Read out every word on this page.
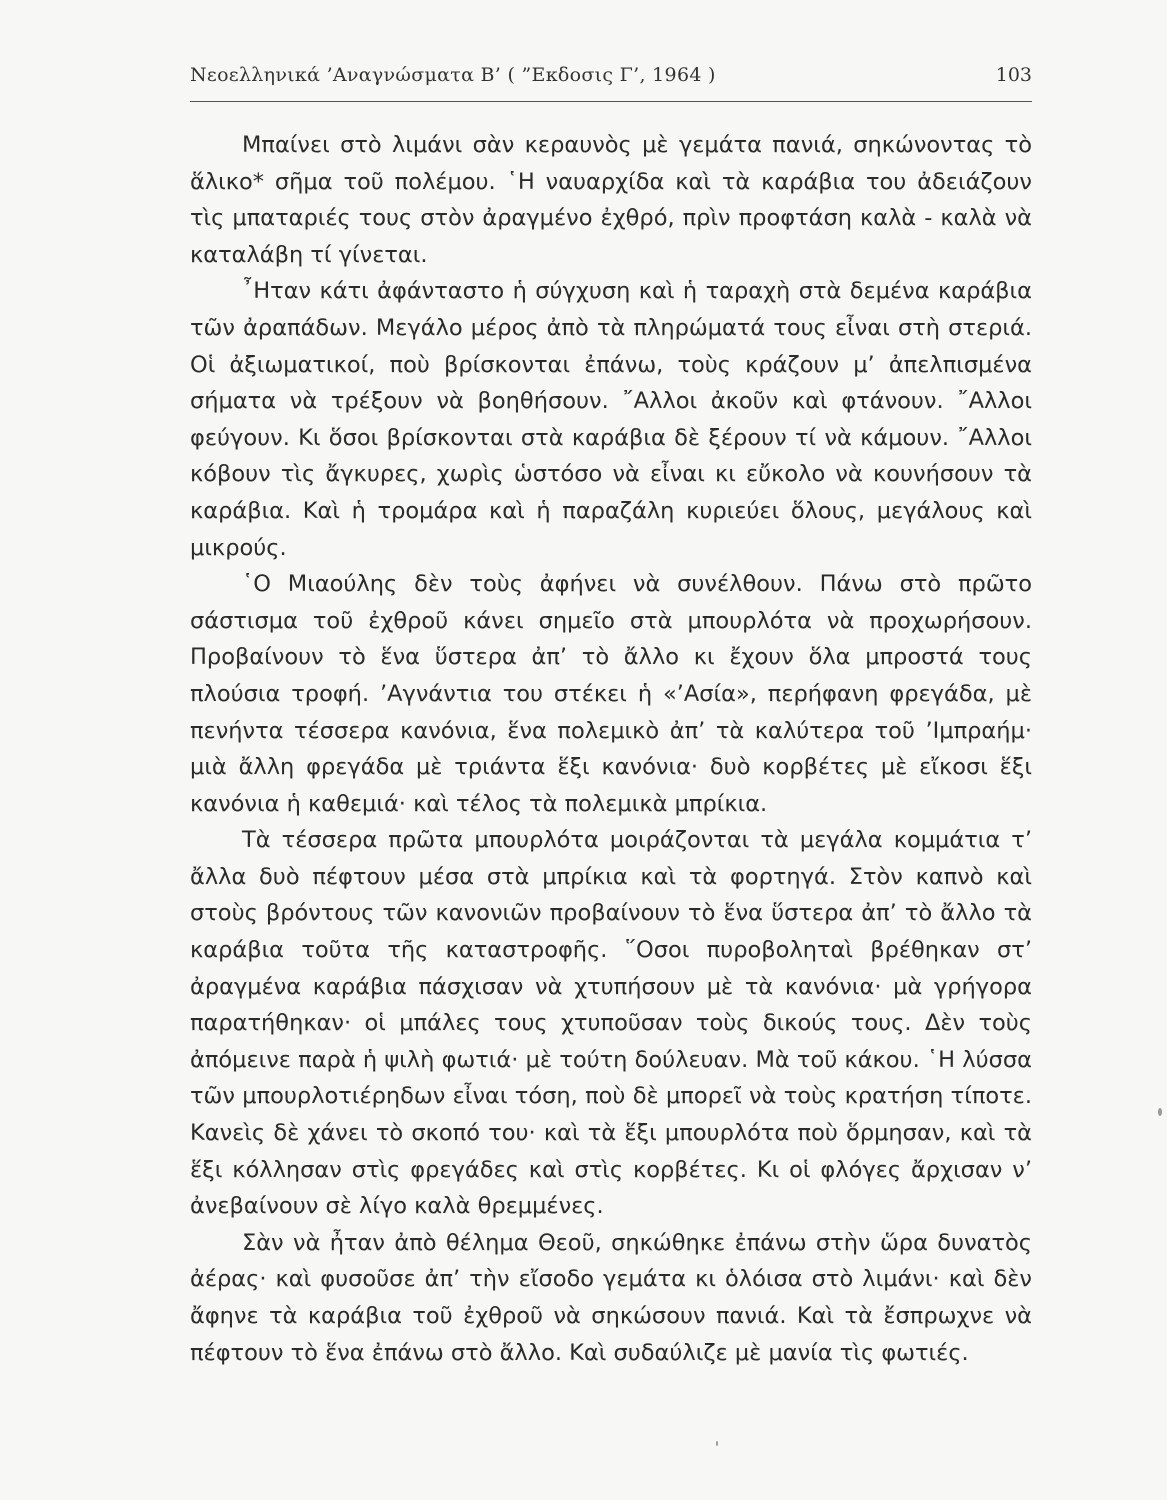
Νεοελληνικά ’Αναγνώσματα Β’ ( ”Εκδοσις Γ’, 1964 )	103

Μπαίνει στὸ λιμάνι σὰν κεραυνὸς μὲ γεμάτα πανιά, σηκώνοντας τὸ ἅλικο* σῆμα τοῦ πολέμου. ῾Η ναυαρχίδα καὶ τὰ καράβια του ἀδειάζουν τὶς μπαταριές τους στὸν ἀραγμένο ἐχθρό, πρὶν προφτάση καλὰ - καλὰ νὰ καταλάβη τί γίνεται.

῏Ηταν κάτι ἀφάνταστο ἡ σύγχυση καὶ ἡ ταραχὴ στὰ δεμένα καράβια τῶν ἀραπάδων. Μεγάλο μέρος ἀπὸ τὰ πληρώματά τους εἶναι στὴ στεριά. Οἱ ἀξιωματικοί, ποὺ βρίσκονται ἐπάνω, τοὺς κράζουν μ’ ἀπελπισμένα σήματα νὰ τρέξουν νὰ βοηθήσουν. ῎Αλλοι ἀκοῦν καὶ φτάνουν. ῎Αλλοι φεύγουν. Κι ὅσοι βρίσκονται στὰ καράβια δὲ ξέρουν τί νὰ κάμουν. ῎Αλλοι κόβουν τὶς ἄγκυρες, χωρὶς ὡστόσο νὰ εἶναι κι εὔκολο νὰ κουνήσουν τὰ καράβια. Καὶ ἡ τρομάρα καὶ ἡ παραζάλη κυριεύει ὅλους, μεγάλους καὶ μικρούς.

῾Ο Μιαούλης δὲν τοὺς ἀφήνει νὰ συνέλθουν. Πάνω στὸ πρῶτο σάστισμα τοῦ ἐχθροῦ κάνει σημεῖο στὰ μπουρλότα νὰ προχωρήσουν. Προβαίνουν τὸ ἕνα ὕστερα ἀπ’ τὸ ἄλλο κι ἔχουν ὅλα μπροστά τους πλούσια τροφή. ’Αγνάντια του στέκει ἡ «’Ασία», περήφανη φρεγάδα, μὲ πενήντα τέσσερα κανόνια, ἕνα πολεμικὸ ἀπ’ τὰ καλύτερα τοῦ ’Ιμπραήμ· μιὰ ἄλλη φρεγάδα μὲ τριάντα ἕξι κανόνια· δυὸ κορβέτες μὲ εἴκοσι ἕξι κανόνια ἡ καθεμιά· καὶ τέλος τὰ πολεμικὰ μπρίκια.

Τὰ τέσσερα πρῶτα μπουρλότα μοιράζονται τὰ μεγάλα κομμάτια τ’ ἄλλα δυὸ πέφτουν μέσα στὰ μπρίκια καὶ τὰ φορτηγά. Στὸν καπνὸ καὶ στοὺς βρόντους τῶν κανονιῶν προβαίνουν τὸ ἕνα ὕστερα ἀπ’ τὸ ἄλλο τὰ καράβια τοῦτα τῆς καταστροφῆς. ῞Οσοι πυροβοληταὶ βρέθηκαν στ’ ἀραγμένα καράβια πάσχισαν νὰ χτυπήσουν μὲ τὰ κανόνια· μὰ γρήγορα παρατήθηκαν· οἱ μπάλες τους χτυποῦσαν τοὺς δικούς τους. Δὲν τοὺς ἀπόμεινε παρὰ ἡ ψιλὴ φωτιά· μὲ τούτη δούλευαν. Μὰ τοῦ κάκου. ῾Η λύσσα τῶν μπουρλοτιέρηδων εἶναι τόση, ποὺ δὲ μπορεῖ νὰ τοὺς κρατήση τίποτε. Κανεὶς δὲ χάνει τὸ σκοπό του· καὶ τὰ ἕξι μπουρλότα ποὺ ὅρμησαν, καὶ τὰ ἕξι κόλλησαν στὶς φρεγάδες καὶ στὶς κορβέτες. Κι οἱ φλόγες ἄρχισαν ν’ ἀνεβαίνουν σὲ λίγο καλὰ θρεμμένες.

Σὰν νὰ ἦταν ἀπὸ θέλημα Θεοῦ, σηκώθηκε ἐπάνω στὴν ὥρα δυνατὸς ἀέρας· καὶ φυσοῦσε ἀπ’ τὴν εἴσοδο γεμάτα κι ὁλόισα στὸ λιμάνι· καὶ δὲν ἄφηνε τὰ καράβια τοῦ ἐχθροῦ νὰ σηκώσουν πανιά. Καὶ τὰ ἔσπρωχνε νὰ πέφτουν τὸ ἕνα ἐπάνω στὸ ἄλλο. Καὶ συδαύλιζε μὲ μανία τὶς φωτιές.
